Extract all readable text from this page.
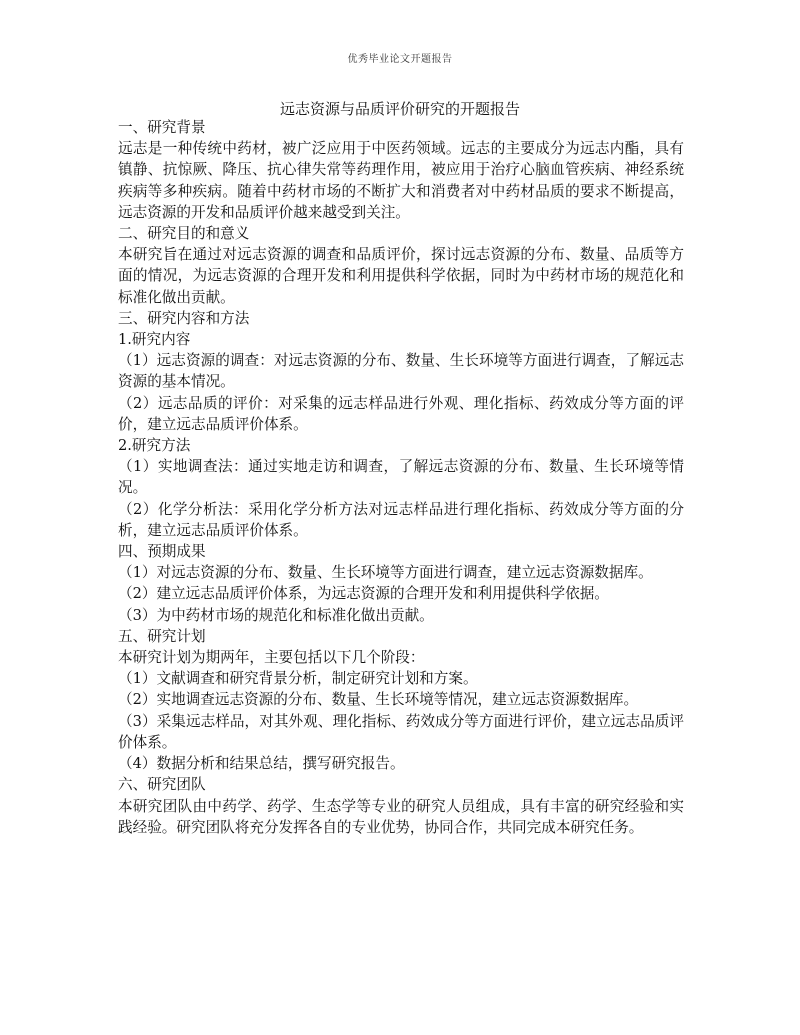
优秀毕业论文开题报告
远志资源与品质评价研究的开题报告

一、研究背景

远志是一种传统中药材，被广泛应用于中医药领域。远志的主要成分为远志内酯，具有镇静、抗惊厥、降压、抗心律失常等药理作用，被应用于治疗心脑血管疾病、神经系统疾病等多种疾病。随着中药材市场的不断扩大和消费者对中药材品质的要求不断提高，远志资源的开发和品质评价越来越受到关注。

二、研究目的和意义

本研究旨在通过对远志资源的调查和品质评价，探讨远志资源的分布、数量、品质等方面的情况，为远志资源的合理开发和利用提供科学依据，同时为中药材市场的规范化和标准化做出贡献。

三、研究内容和方法

1.研究内容

（1）远志资源的调查：对远志资源的分布、数量、生长环境等方面进行调查，了解远志资源的基本情况。

（2）远志品质的评价：对采集的远志样品进行外观、理化指标、药效成分等方面的评价，建立远志品质评价体系。

2.研究方法

（1）实地调查法：通过实地走访和调查，了解远志资源的分布、数量、生长环境等情况。

（2）化学分析法：采用化学分析方法对远志样品进行理化指标、药效成分等方面的分析，建立远志品质评价体系。

四、预期成果

（1）对远志资源的分布、数量、生长环境等方面进行调查，建立远志资源数据库。

（2）建立远志品质评价体系，为远志资源的合理开发和利用提供科学依据。

（3）为中药材市场的规范化和标准化做出贡献。

五、研究计划

本研究计划为期两年，主要包括以下几个阶段：

（1）文献调查和研究背景分析，制定研究计划和方案。

（2）实地调查远志资源的分布、数量、生长环境等情况，建立远志资源数据库。

（3）采集远志样品，对其外观、理化指标、药效成分等方面进行评价，建立远志品质评价体系。

（4）数据分析和结果总结，撰写研究报告。

六、研究团队

本研究团队由中药学、药学、生态学等专业的研究人员组成，具有丰富的研究经验和实践经验。研究团队将充分发挥各自的专业优势，协同合作，共同完成本研究任务。
